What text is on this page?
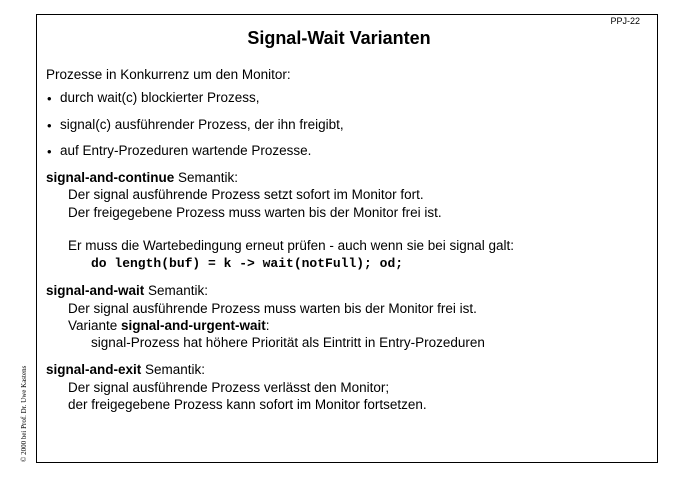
PPJ-22
© 2000 bei Prof. Dr. Uwe Kastens
Signal-Wait Varianten
Prozesse in Konkurrenz um den Monitor:
• durch wait(c) blockierter Prozess,
• signal(c) ausführender Prozess, der ihn freigibt,
• auf Entry-Prozeduren wartende Prozesse.
signal-and-continue Semantik:
Der signal ausführende Prozess setzt sofort im Monitor fort.
Der freigegebene Prozess muss warten bis der Monitor frei ist.
Er muss die Wartebedingung erneut prüfen - auch wenn sie bei signal galt:
do length(buf) = k -> wait(notFull); od;
signal-and-wait Semantik:
Der signal ausführende Prozess muss warten bis der Monitor frei ist.
Variante signal-and-urgent-wait:
signal-Prozess hat höhere Priorität als Eintritt in Entry-Prozeduren
signal-and-exit Semantik:
Der signal ausführende Prozess verlässt den Monitor;
der freigegebene Prozess kann sofort im Monitor fortsetzen.
